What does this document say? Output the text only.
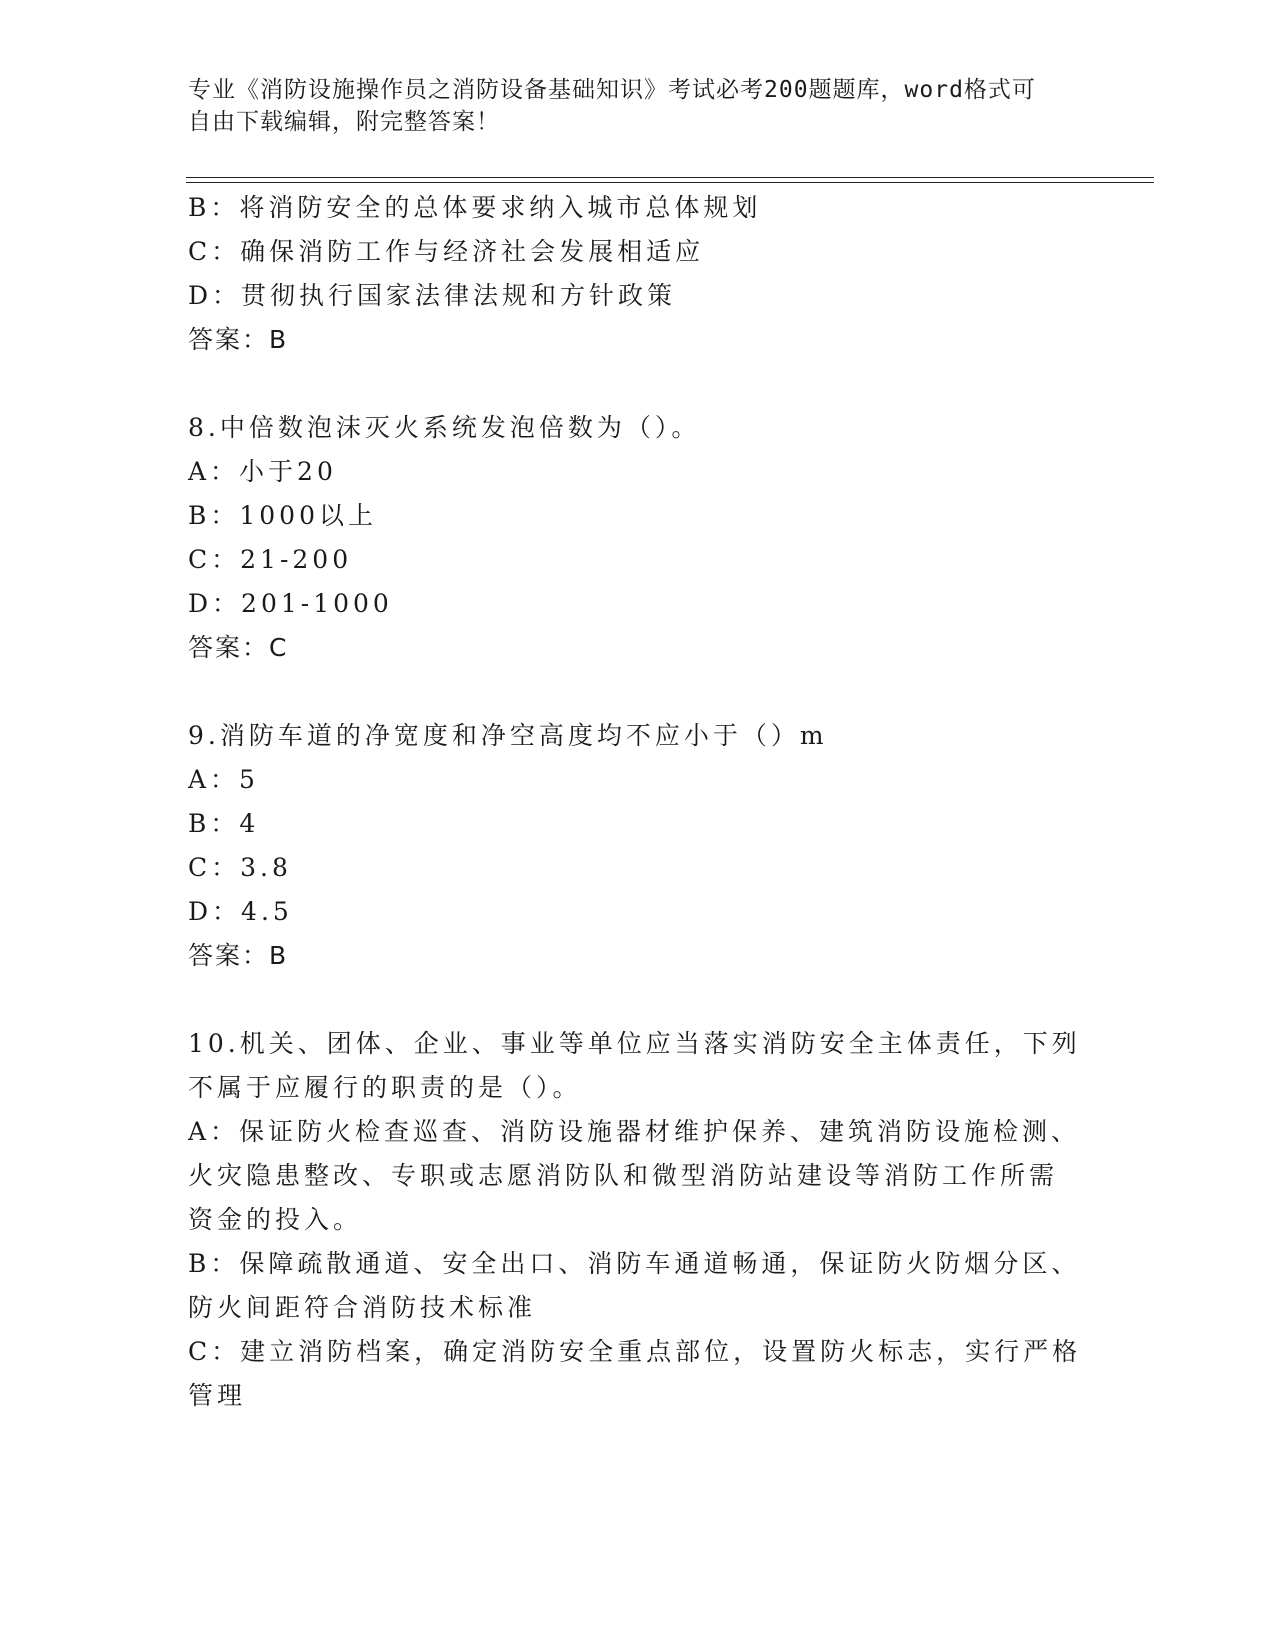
专业《消防设施操作员之消防设备基础知识》考试必考200题题库，word格式可
自由下载编辑，附完整答案！
B：将消防安全的总体要求纳入城市总体规划
C：确保消防工作与经济社会发展相适应
D：贯彻执行国家法律法规和方针政策
答案：B
8.中倍数泡沫灭火系统发泡倍数为（）。
A：小于20
B：1000以上
C：21-200
D：201-1000
答案：C
9.消防车道的净宽度和净空高度均不应小于（）m
A：5
B：4
C：3.8
D：4.5
答案：B
10.机关、团体、企业、事业等单位应当落实消防安全主体责任，下列
不属于应履行的职责的是（）。
A：保证防火检查巡查、消防设施器材维护保养、建筑消防设施检测、
火灾隐患整改、专职或志愿消防队和微型消防站建设等消防工作所需
资金的投入。
B：保障疏散通道、安全出口、消防车通道畅通，保证防火防烟分区、
防火间距符合消防技术标准
C：建立消防档案，确定消防安全重点部位，设置防火标志，实行严格
管理
